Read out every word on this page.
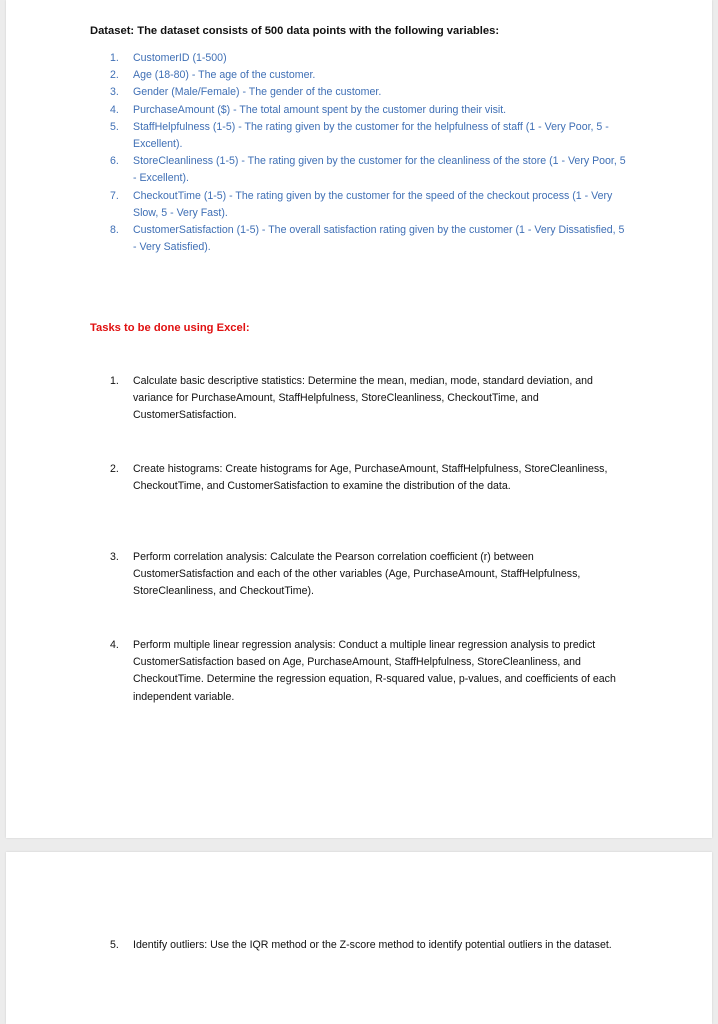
Dataset: The dataset consists of 500 data points with the following variables:
1.	CustomerID (1-500)
2.	Age (18-80) - The age of the customer.
3.	Gender (Male/Female) - The gender of the customer.
4.	PurchaseAmount ($) - The total amount spent by the customer during their visit.
5.	StaffHelpfulness (1-5) - The rating given by the customer for the helpfulness of staff (1 - Very Poor, 5 - Excellent).
6.	StoreCleanliness (1-5) - The rating given by the customer for the cleanliness of the store (1 - Very Poor, 5 - Excellent).
7.	CheckoutTime (1-5) - The rating given by the customer for the speed of the checkout process (1 - Very Slow, 5 - Very Fast).
8.	CustomerSatisfaction (1-5) - The overall satisfaction rating given by the customer (1 - Very Dissatisfied, 5 - Very Satisfied).
Tasks to be done using Excel:
1.	Calculate basic descriptive statistics: Determine the mean, median, mode, standard deviation, and variance for PurchaseAmount, StaffHelpfulness, StoreCleanliness, CheckoutTime, and CustomerSatisfaction.
2.	Create histograms: Create histograms for Age, PurchaseAmount, StaffHelpfulness, StoreCleanliness, CheckoutTime, and CustomerSatisfaction to examine the distribution of the data.
3.	Perform correlation analysis: Calculate the Pearson correlation coefficient (r) between CustomerSatisfaction and each of the other variables (Age, PurchaseAmount, StaffHelpfulness, StoreCleanliness, and CheckoutTime).
4.	Perform multiple linear regression analysis: Conduct a multiple linear regression analysis to predict CustomerSatisfaction based on Age, PurchaseAmount, StaffHelpfulness, StoreCleanliness, and CheckoutTime. Determine the regression equation, R-squared value, p-values, and coefficients of each independent variable.
5.	Identify outliers: Use the IQR method or the Z-score method to identify potential outliers in the dataset.
